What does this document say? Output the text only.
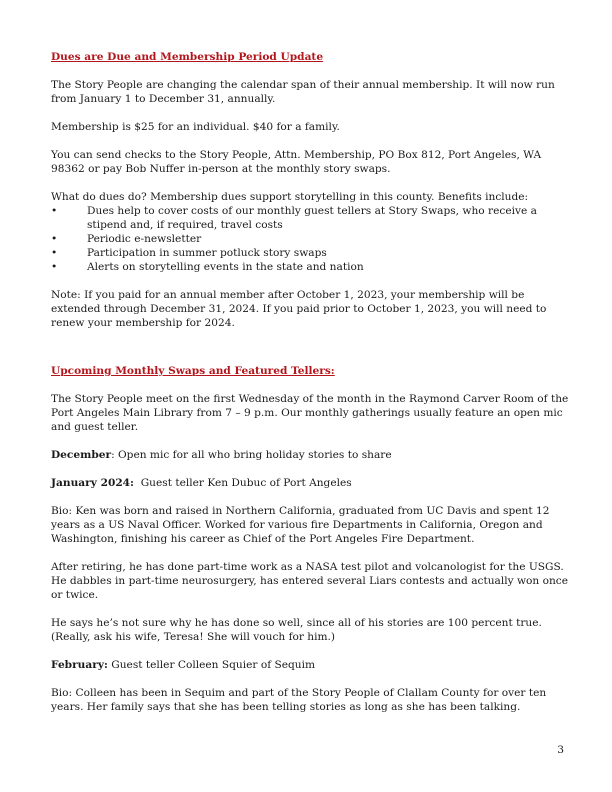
Dues are Due and Membership Period Update

The Story People are changing the calendar span of their annual membership. It will now run from January 1 to December 31, annually.

Membership is $25 for an individual. $40 for a family.

You can send checks to the Story People, Attn. Membership, PO Box 812, Port Angeles, WA 98362 or pay Bob Nuffer in-person at the monthly story swaps.

What do dues do? Membership dues support storytelling in this county. Benefits include:
•	Dues help to cover costs of our monthly guest tellers at Story Swaps, who receive a stipend and, if required, travel costs
•	Periodic e-newsletter
•	Participation in summer potluck story swaps
•	Alerts on storytelling events in the state and nation

Note: If you paid for an annual member after October 1, 2023, your membership will be extended through December 31, 2024. If you paid prior to October 1, 2023, you will need to renew your membership for 2024.

Upcoming Monthly Swaps and Featured Tellers:

The Story People meet on the first Wednesday of the month in the Raymond Carver Room of the Port Angeles Main Library from 7 – 9 p.m. Our monthly gatherings usually feature an open mic and guest teller.

December: Open mic for all who bring holiday stories to share

January 2024:  Guest teller Ken Dubuc of Port Angeles

Bio: Ken was born and raised in Northern California, graduated from UC Davis and spent 12 years as a US Naval Officer. Worked for various fire Departments in California, Oregon and Washington, finishing his career as Chief of the Port Angeles Fire Department.

After retiring, he has done part-time work as a NASA test pilot and volcanologist for the USGS. He dabbles in part-time neurosurgery, has entered several Liars contests and actually won once or twice.

He says he’s not sure why he has done so well, since all of his stories are 100 percent true. (Really, ask his wife, Teresa! She will vouch for him.)

February: Guest teller Colleen Squier of Sequim

Bio: Colleen has been in Sequim and part of the Story People of Clallam County for over ten years. Her family says that she has been telling stories as long as she has been talking.

3
